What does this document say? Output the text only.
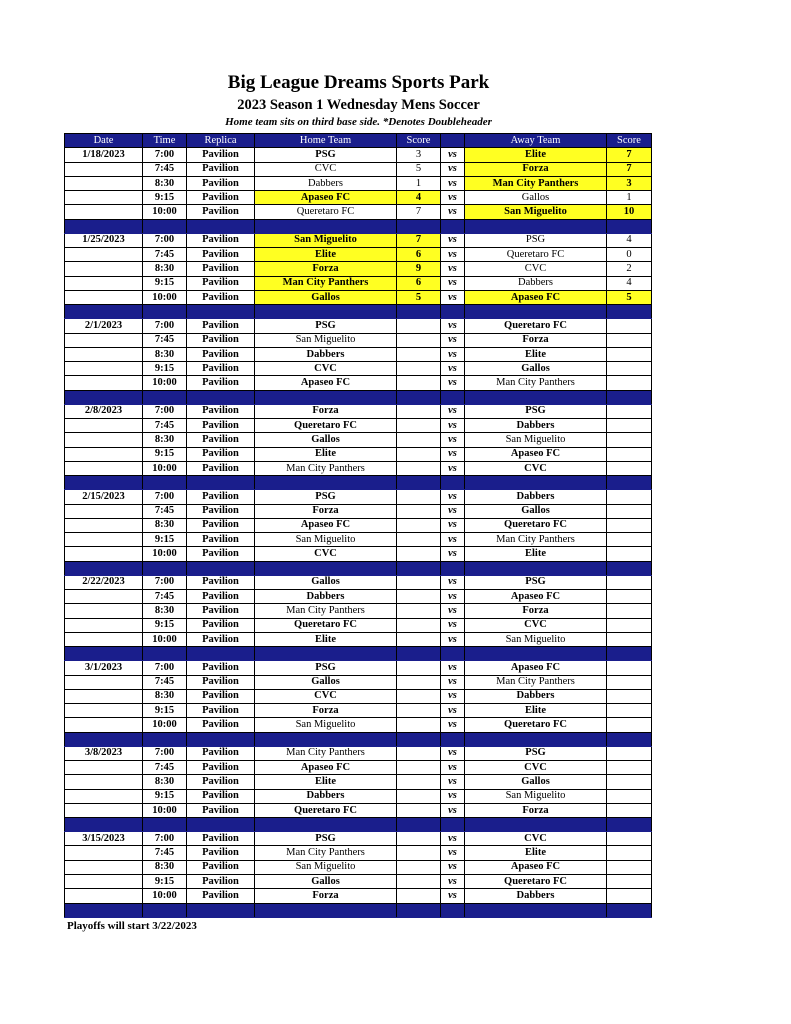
Big League Dreams Sports Park
2023 Season 1 Wednesday Mens Soccer
Home team sits on third base side. *Denotes Doubleheader
Date	Time	Replica	Home Team	Score		Away Team	Score
1/18/2023	7:00	Pavilion	PSG	3	vs	Elite	7
	7:45	Pavilion	CVC	5	vs	Forza	7
	8:30	Pavilion	Dabbers	1	vs	Man City Panthers	3
	9:15	Pavilion	Apaseo FC	4	vs	Gallos	1
	10:00	Pavilion	Queretaro FC	7	vs	San Miguelito	10

1/25/2023	7:00	Pavilion	San Miguelito	7	vs	PSG	4
	7:45	Pavilion	Elite	6	vs	Queretaro FC	0
	8:30	Pavilion	Forza	9	vs	CVC	2
	9:15	Pavilion	Man City Panthers	6	vs	Dabbers	4
	10:00	Pavilion	Gallos	5	vs	Apaseo FC	5

2/1/2023	7:00	Pavilion	PSG		vs	Queretaro FC	
	7:45	Pavilion	San Miguelito		vs	Forza	
	8:30	Pavilion	Dabbers		vs	Elite	
	9:15	Pavilion	CVC		vs	Gallos	
	10:00	Pavilion	Apaseo FC		vs	Man City Panthers	

2/8/2023	7:00	Pavilion	Forza		vs	PSG	
	7:45	Pavilion	Queretaro FC		vs	Dabbers	
	8:30	Pavilion	Gallos		vs	San Miguelito	
	9:15	Pavilion	Elite		vs	Apaseo FC	
	10:00	Pavilion	Man City Panthers		vs	CVC	

2/15/2023	7:00	Pavilion	PSG		vs	Dabbers	
	7:45	Pavilion	Forza		vs	Gallos	
	8:30	Pavilion	Apaseo FC		vs	Queretaro FC	
	9:15	Pavilion	San Miguelito		vs	Man City Panthers	
	10:00	Pavilion	CVC		vs	Elite	

2/22/2023	7:00	Pavilion	Gallos		vs	PSG	
	7:45	Pavilion	Dabbers		vs	Apaseo FC	
	8:30	Pavilion	Man City Panthers		vs	Forza	
	9:15	Pavilion	Queretaro FC		vs	CVC	
	10:00	Pavilion	Elite		vs	San Miguelito	

3/1/2023	7:00	Pavilion	PSG		vs	Apaseo FC	
	7:45	Pavilion	Gallos		vs	Man City Panthers	
	8:30	Pavilion	CVC		vs	Dabbers	
	9:15	Pavilion	Forza		vs	Elite	
	10:00	Pavilion	San Miguelito		vs	Queretaro FC	

3/8/2023	7:00	Pavilion	Man City Panthers		vs	PSG	
	7:45	Pavilion	Apaseo FC		vs	CVC	
	8:30	Pavilion	Elite		vs	Gallos	
	9:15	Pavilion	Dabbers		vs	San Miguelito	
	10:00	Pavilion	Queretaro FC		vs	Forza	

3/15/2023	7:00	Pavilion	PSG		vs	CVC	
	7:45	Pavilion	Man City Panthers		vs	Elite	
	8:30	Pavilion	San Miguelito		vs	Apaseo FC	
	9:15	Pavilion	Gallos		vs	Queretaro FC	
	10:00	Pavilion	Forza		vs	Dabbers	

Playoffs will start 3/22/2023
